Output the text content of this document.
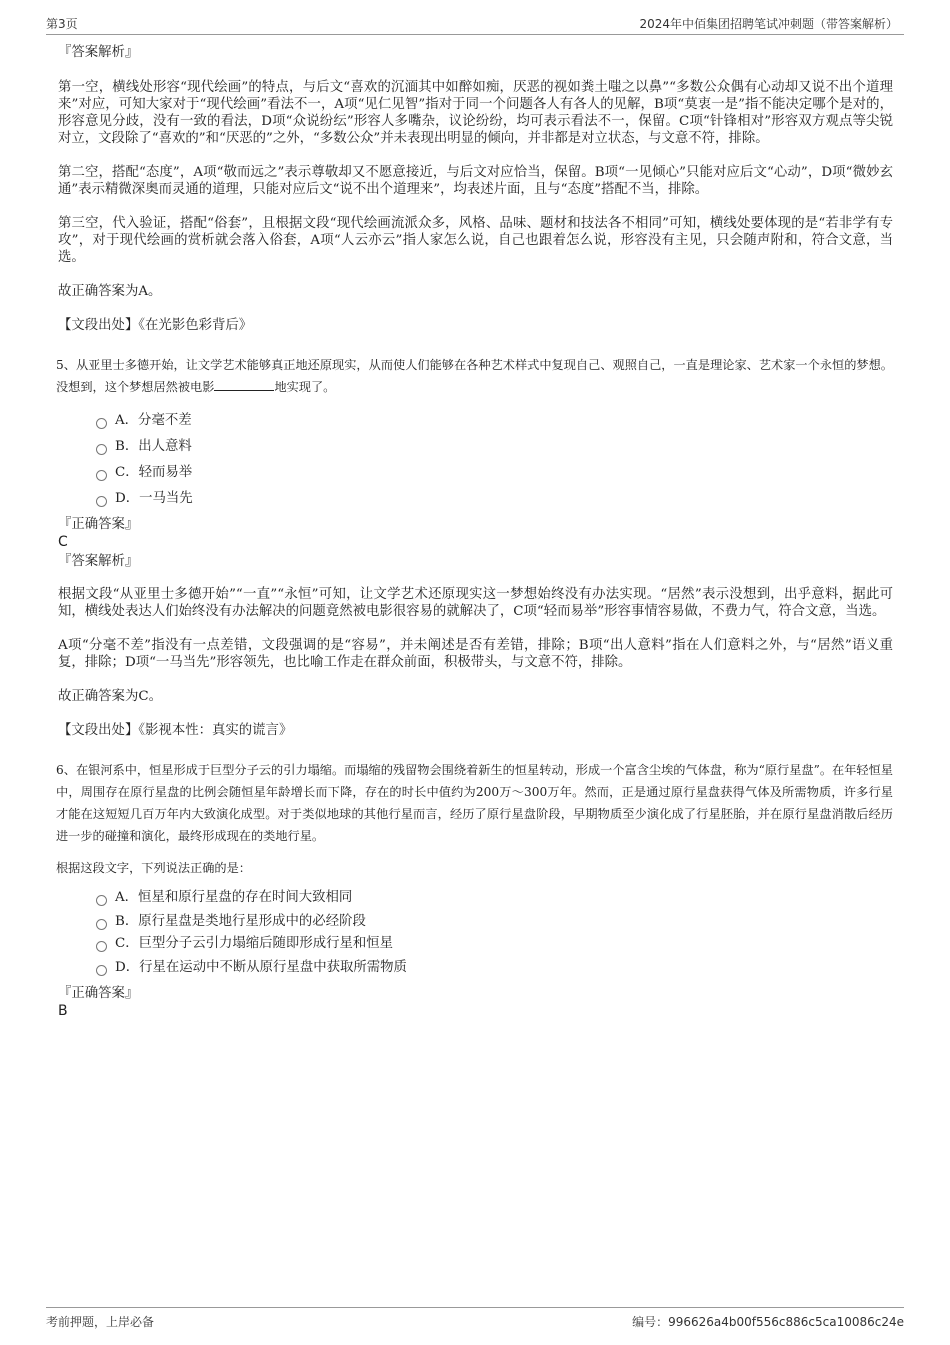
第3页	2024年中佰集团招聘笔试冲刺题（带答案解析）

『答案解析』

第一空，横线处形容“现代绘画”的特点，与后文“喜欢的沉湎其中如醉如痴，厌恶的视如粪土嗤之以鼻”“多数公众偶有心动却又说不出个道理来”对应，可知大家对于“现代绘画”看法不一，A项“见仁见智”指对于同一个问题各人有各人的见解，B项“莫衷一是”指不能决定哪个是对的，形容意见分歧，没有一致的看法，D项“众说纷纭”形容人多嘴杂，议论纷纷，均可表示看法不一，保留。C项“针锋相对”形容双方观点等尖锐对立，文段除了“喜欢的”和“厌恶的”之外，“多数公众”并未表现出明显的倾向，并非都是对立状态，与文意不符，排除。

第二空，搭配“态度”，A项“敬而远之”表示尊敬却又不愿意接近，与后文对应恰当，保留。B项“一见倾心”只能对应后文“心动”，D项“微妙玄通”表示精微深奥而灵通的道理，只能对应后文“说不出个道理来”，均表述片面，且与“态度”搭配不当，排除。

第三空，代入验证，搭配“俗套”，且根据文段“现代绘画流派众多，风格、品味、题材和技法各不相同”可知，横线处要体现的是“若非学有专攻”，对于现代绘画的赏析就会落入俗套，A项“人云亦云”指人家怎么说，自己也跟着怎么说，形容没有主见，只会随声附和，符合文意，当选。

故正确答案为A。

【文段出处】《在光影色彩背后》

5、从亚里士多德开始，让文学艺术能够真正地还原现实，从而使人们能够在各种艺术样式中复现自己、观照自己，一直是理论家、艺术家一个永恒的梦想。没想到，这个梦想居然被电影	地实现了。

A．分毫不差
B．出人意料
C．轻而易举
D．一马当先

『正确答案』

C

『答案解析』

根据文段“从亚里士多德开始”“一直”“永恒”可知，让文学艺术还原现实这一梦想始终没有办法实现。“居然”表示没想到，出乎意料，据此可知，横线处表达人们始终没有办法解决的问题竟然被电影很容易的就解决了，C项“轻而易举”形容事情容易做，不费力气，符合文意，当选。

A项“分毫不差”指没有一点差错，文段强调的是“容易”，并未阐述是否有差错，排除；B项“出人意料”指在人们意料之外，与“居然”语义重复，排除；D项“一马当先”形容领先，也比喻工作走在群众前面，积极带头，与文意不符，排除。

故正确答案为C。

【文段出处】《影视本性：真实的谎言》

6、在银河系中，恒星形成于巨型分子云的引力塌缩。而塌缩的残留物会围绕着新生的恒星转动，形成一个富含尘埃的气体盘，称为“原行星盘”。在年轻恒星中，周围存在原行星盘的比例会随恒星年龄增长而下降，存在的时长中值约为200万～300万年。然而，正是通过原行星盘获得气体及所需物质，许多行星才能在这短短几百万年内大致演化成型。对于类似地球的其他行星而言，经历了原行星盘阶段，早期物质至少演化成了行星胚胎，并在原行星盘消散后经历进一步的碰撞和演化，最终形成现在的类地行星。

根据这段文字，下列说法正确的是：

A．恒星和原行星盘的存在时间大致相同
B．原行星盘是类地行星形成中的必经阶段
C．巨型分子云引力塌缩后随即形成行星和恒星
D．行星在运动中不断从原行星盘中获取所需物质

『正确答案』

B

考前押题，上岸必备	编号：996626a4b00f556c886c5ca10086c24e
